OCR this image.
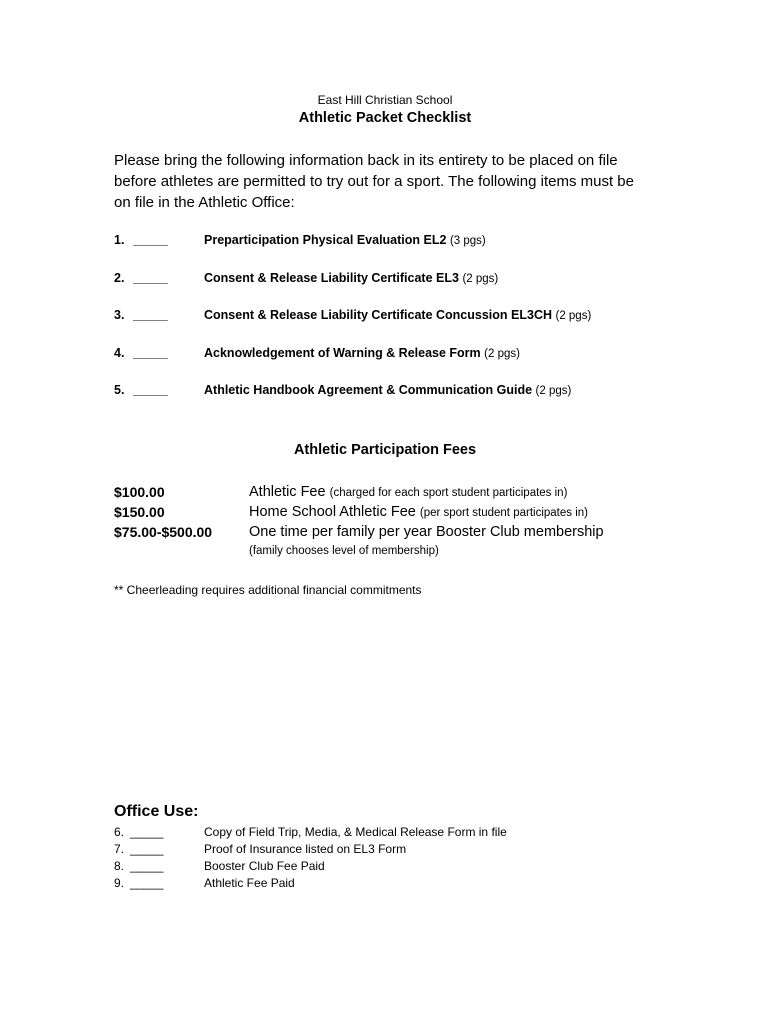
East Hill Christian School
Athletic Packet Checklist
Please bring the following information back in its entirety to be placed on file
before athletes are permitted to try out for a sport. The following items must be
on file in the Athletic Office:
1. _____	Preparticipation Physical Evaluation EL2 (3 pgs)
2. _____	Consent & Release Liability Certificate EL3 (2 pgs)
3. _____	Consent & Release Liability Certificate Concussion EL3CH (2 pgs)
4. _____	Acknowledgement of Warning & Release Form (2 pgs)
5. _____	Athletic Handbook Agreement & Communication Guide (2 pgs)
Athletic Participation Fees
$100.00	Athletic Fee (charged for each sport student participates in)
$150.00	Home School Athletic Fee (per sport student participates in)
$75.00-$500.00	One time per family per year Booster Club membership
(family chooses level of membership)
** Cheerleading requires additional financial commitments
Office Use:
6. _____	Copy of Field Trip, Media, & Medical Release Form in file
7. _____	Proof of Insurance listed on EL3 Form
8. _____	Booster Club Fee Paid
9. _____	Athletic Fee Paid
